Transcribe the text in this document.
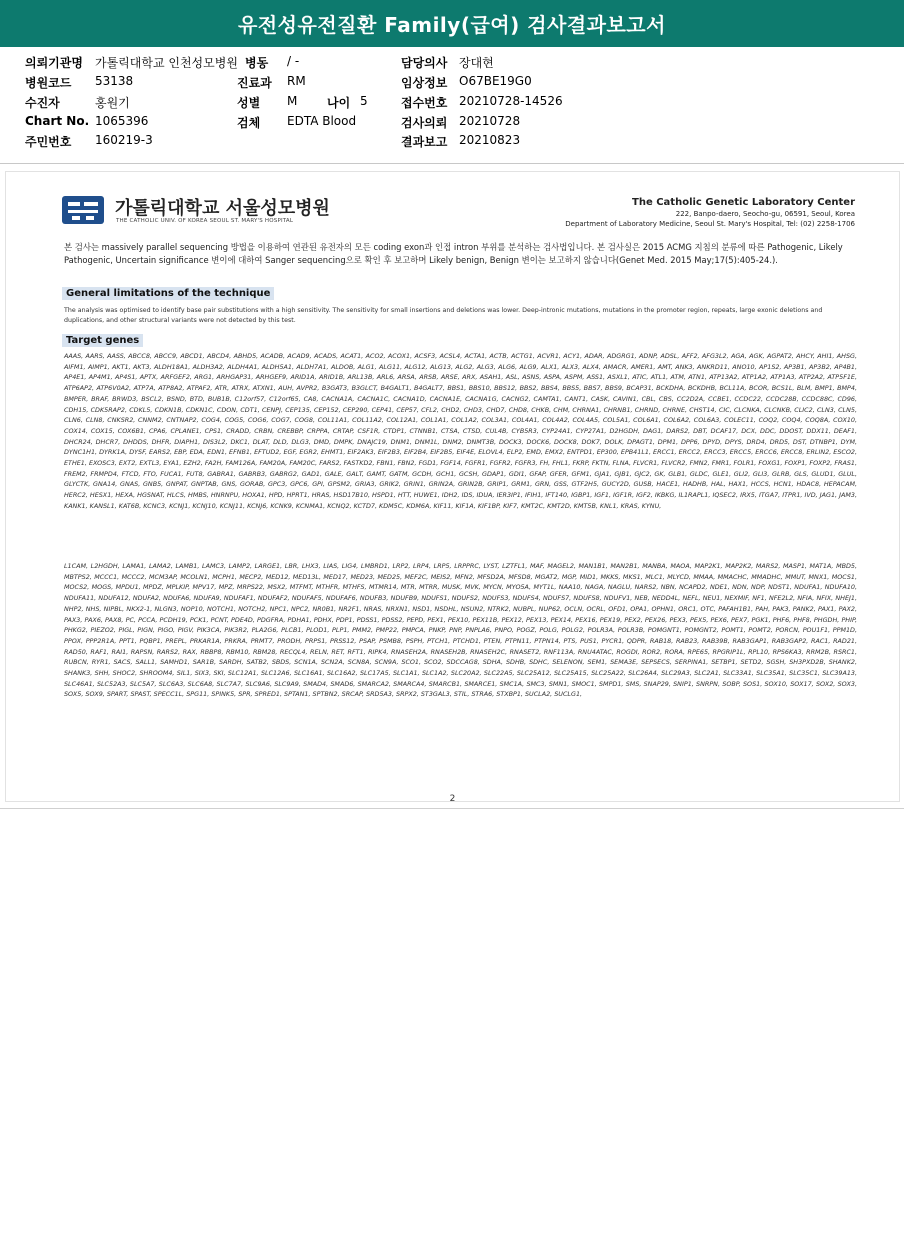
유전성유전질환 Family(급여) 검사결과보고서
의뢰기관명 가톨릭대학교 인천성모병원 병동 / -	담당의사 장대현
병원코드 53138	진료과 RM	임상정보 O67BE19G0
수진자	홍원기	성별 M 나이 5	접수번호 20210728-14526
Chart No. 1065396	검체 EDTA Blood	검사의뢰 20210728
주민번호 160219-3	결과보고 20210823
가톨릭대학교 서울성모병원
THE CATHOLIC UNIV. OF KOREA SEOUL ST. MARY'S HOSPITAL
The Catholic Genetic Laboratory Center
222, Banpo-daero, Seocho-gu, 06591, Seoul, Korea
Department of Laboratory Medicine, Seoul St. Mary's Hospital, Tel: (02) 2258-1706
본 검사는 massively parallel sequencing 방법을 이용하여 연관된 유전자의 모든 coding exon과 인접 intron 부위를 분석하는 검사법입니다. 본 검사실은 2015 ACMG 지침의 분류에 따른 Pathogenic, Likely Pathogenic, Uncertain significance 변이에 대하여 Sanger sequencing으로 확인 후 보고하며 Likely benign, Benign 변이는 보고하지 않습니다(Genet Med. 2015 May;17(5):405-24.).
General limitations of the technique
The analysis was optimised to identify base pair substitutions with a high sensitivity. The sensitivity for small insertions and deletions was lower. Deep-intronic mutations, mutations in the promoter region, repeats, large exonic deletions and duplications, and other structural variants were not detected by this test.
Target genes
AAAS, AARS, AASS, ABCC8, ABCC9, ABCD1, ABCD4, ABHD5, ACADB, ACAD9, ACADS, ACAT1, ACO2, ACOX1, ACSF3, ACSL4, ACTA1, ACTB, ACTG1, ACVR1, ACY1, ADAR, ADGRG1, ADNP, ADSL, AFF2, AFG3L2, AGA, AGK, AGPAT2, AHCY, AHI1, AHSG, AIFM1, AIMP1, AKT1, AKT3, ALDH18A1, ALDH3A2, ALDH4A1, ALDH5A1, ALDH7A1, ALDOB, ALG1, ALG11, ALG12, ALG13, ALG2, ALG3, ALG6, ALG9, ALX1, ALX3, ALX4, AMACR, AMER1, AMT, ANK3, ANKRD11, ANO10, AP1S2, AP3B1, AP3B2, AP4B1, AP4E1, AP4M1, AP4S1, APTX, ARFGEF2, ARG1, ARHGAP31, ARHGEF9, ARID1A, ARID1B, ARL13B, ARL6, ARSA, ARSB, ARSE, ARX, ASAH1, ASL, ASNS, ASPA, ASPM, ASS1, ASXL1, ATIC, ATL1, ATM, ATN1, ATP13A2, ATP1A2, ATP1A3, ATP2A2, ATP5F1E, ATP6AP2, ATP6V0A2, ATP7A, ATP8A2, ATPAF2, ATR, ATRX, ATXN1, AUH, AVPR2, B3GAT3, B3GLCT, B4GALT1, B4GALT7, BBS1, BBS10, BBS12, BBS2, BBS4, BBS5, BBS7, BBS9, BCAP31, BCKDHA, BCKDHB, BCL11A, BCOR, BCS1L, BLM, BMP1, BMP4, BMPER, BRAF, BRWD3, BSCL2, BSND, BTD, BUB1B, C12orf57, C12orf65, CA8, CACNA1A, CACNA1C, CACNA1D, CACNA1E, CACNA1G, CACNG2, CAMTA1, CANT1, CASK, CAVIN1, CBL, CBS, CC2D2A, CCBE1, CCDC22, CCDC28B, CCDC88C, CD96, CDH15, CDK5RAP2, CDKL5, CDKN1B, CDKN1C, CDON, CDT1, CENPJ, CEP135, CEP152, CEP290, CEP41, CEP57, CFL2, CHD2, CHD3, CHD7, CHD8, CHKB, CHM, CHRNA1, CHRNB1, CHRND, CHRNE, CHST14, CIC, CLCNKA, CLCNKB, CLIC2, CLN3, CLN5, CLN6, CLN8, CNKSR2, CNNM2, CNTNAP2, COG4, COG5, COG6, COG7, COG8, COL11A1, COL11A2, COL12A1, COL1A1, COL1A2, COL3A1, COL4A1, COL4A2, COL4A5, COL5A1, COL6A1, COL6A2, COL6A3, COLEC11, COQ2, COQ4, COQ8A, COX10, COX14, COX15, COX6B1, CPA6, CPLANE1, CPS1, CRADD, CRBN, CREBBP, CRPPA, CRTAP, CSF1R, CTDP1, CTNNB1, CTSA, CTSD, CUL4B, CYB5R3, CYP24A1, CYP27A1, D2HGDH, DAG1, DARS2, DBT, DCAF17, DCX, DDC, DDOST, DDX11, DEAF1, DHCR24, DHCR7, DHDDS, DHFR, DIAPH1, DIS3L2, DKC1, DLAT, DLD, DLG3, DMD, DMPK, DNAJC19, DNM1, DNM1L, DNM2, DNMT3B, DOCK3, DOCK6, DOCK8, DOK7, DOLK, DPAGT1, DPM1, DPP6, DPYD, DPYS, DRD4, DRD5, DST, DTNBP1, DYM, DYNC1H1, DYRK1A, DYSF, EARS2, EBP, EDA, EDN1, EFNB1, EFTUD2, EGF, EGR2, EHMT1, EIF2AK3, EIF2B3, EIF2B4, EIF2B5, EIF4E, ELOVL4, ELP2, EMD, EMX2, ENTPD1, EP300, EPB41L1, ERCC1, ERCC2, ERCC3, ERCC5, ERCC6, ERCC8, ERLIN2, ESCO2, ETHE1, EXOSC3, EXT2, EXTL3, EYA1, EZH2, FA2H, FAM126A, FAM20A, FAM20C, FARS2, FASTKD2, FBN1, FBN2, FGD1, FGF14, FGFR1, FGFR2, FGFR3, FH, FHL1, FKRP, FKTN, FLNA, FLVCR1, FLVCR2, FMN2, FMR1, FOLR1, FOXG1, FOXP1, FOXP2, FRAS1, FREM2, FRMPD4, FTCD, FTO, FUCA1, FUT8, GABRA1, GABRB3, GABRG2, GAD1, GALE, GALT, GAMT, GATM, GCDH, GCH1, GCSH, GDAP1, GDI1, GFAP, GFER, GFM1, GJA1, GJB1, GJC2, GK, GLB1, GLDC, GLE1, GLI2, GLI3, GLRB, GLS, GLUD1, GLUL, GLYCTK, GNA14, GNAS, GNB5, GNPAT, GNPTAB, GNS, GORAB, GPC3, GPC6, GPI, GPSM2, GRIA3, GRIK2, GRIN1, GRIN2A, GRIN2B, GRIP1, GRM1, GRN, GSS, GTF2H5, GUCY2D, GUSB, HACE1, HADHB, HAL, HAX1, HCCS, HCN1, HDAC8, HEPACAM, HERC2, HESX1, HEXA, HGSNAT, HLCS, HMBS, HNRNPU, HOXA1, HPD, HPRT1, HRAS, HSD17B10, HSPD1, HTT, HUWE1, IDH2, IDS, IDUA, IER3IP1, IFIH1, IFT140, IGBP1, IGF1, IGF1R, IGF2, IKBKG, IL1RAPL1, IQSEC2, IRX5, ITGA7, ITPR1, IVD, JAG1, JAM3, KANK1, KANSL1, KAT6B, KCNC3, KCNJ1, KCNJ10, KCNJ11, KCNJ6, KCNK9, KCNMA1, KCNQ2, KCTD7, KDM5C, KDM6A, KIF11, KIF1A, KIF1BP, KIF7, KMT2C, KMT2D, KMT5B, KNL1, KRAS, KYNU,
L1CAM, L2HGDH, LAMA1, LAMA2, LAMB1, LAMC3, LAMP2, LARGE1, LBR, LHX3, LIAS, LIG4, LMBRD1, LRP2, LRP4, LRP5, LRPPRC, LYST, LZTFL1, MAF, MAGEL2, MAN1B1, MAN2B1, MANBA, MAOA, MAP2K1, MAP2K2, MARS2, MASP1, MAT1A, MBD5, MBTPS2, MCCC1, MCCC2, MCM3AP, MCOLN1, MCPH1, MECP2, MED12, MED13L, MED17, MED23, MED25, MEF2C, MEIS2, MFN2, MFSD2A, MFSD8, MGAT2, MGP, MID1, MKKS, MKS1, MLC1, MLYCD, MMAA, MMACHC, MMADHC, MMUT, MNX1, MOCS1, MOCS2, MOGS, MPDU1, MPDZ, MPLKIP, MPV17, MPZ, MRPS22, MSX2, MTFMT, MTHFR, MTHFS, MTMR14, MTR, MTRR, MUSK, MVK, MYCN, MYO5A, MYT1L, NAA10, NAGA, NAGLU, NARS2, NBN, NCAPD2, NDE1, NDN, NDP, NDST1, NDUFA1, NDUFA10, NDUFA11, NDUFA12, NDUFA2, NDUFA6, NDUFA9, NDUFAF1, NDUFAF2, NDUFAF5, NDUFAF6, NDUFB3, NDUFB9, NDUFS1, NDUFS2, NDUFS3, NDUFS4, NDUFS7, NDUFS8, NDUFV1, NEB, NEDD4L, NEFL, NEU1, NEXMIF, NF1, NFE2L2, NFIA, NFIX, NHEJ1, NHP2, NHS, NIPBL, NKX2-1, NLGN3, NOP10, NOTCH1, NOTCH2, NPC1, NPC2, NR0B1, NR2F1, NRAS, NRXN1, NSD1, NSDHL, NSUN2, NTRK2, NUBPL, NUP62, OCLN, OCRL, OFD1, OPA1, OPHN1, ORC1, OTC, PAFAH1B1, PAH, PAK3, PANK2, PAX1, PAX2, PAX3, PAX6, PAX8, PC, PCCA, PCDH19, PCK1, PCNT, PDE4D, PDGFRA, PDHA1, PDHX, PDP1, PDSS1, PDSS2, PEPD, PEX1, PEX10, PEX11B, PEX12, PEX13, PEX14, PEX16, PEX19, PEX2, PEX26, PEX3, PEX5, PEX6, PEX7, PGK1, PHF6, PHF8, PHGDH, PHIP, PHKG2, PIEZO2, PIGL, PIGN, PIGO, PIGV, PIK3CA, PIK3R2, PLA2G6, PLCB1, PLOD1, PLP1, PMM2, PMP22, PMPCA, PNKP, PNP, PNPLA6, PNPO, POGZ, POLG, POLG2, POLR3A, POLR3B, POMGNT1, POMGNT2, POMT1, POMT2, PORCN, POU1F1, PPM1D, PPOX, PPP2R1A, PPT1, PQBP1, PREPL, PRKAR1A, PRKRA, PRMT7, PRODH, PRPS1, PRSS12, PSAP, PSMB8, PSPH, PTCH1, PTCHD1, PTEN, PTPN11, PTPN14, PTS, PUS1, PYCR1, QDPR, RAB18, RAB23, RAB39B, RAB3GAP1, RAB3GAP2, RAC1, RAD21, RAD50, RAF1, RAI1, RAPSN, RARS2, RAX, RBBP8, RBM10, RBM28, RECQL4, RELN, RET, RFT1, RIPK4, RNASEH2A, RNASEH2B, RNASEH2C, RNASET2, RNF113A, RNU4ATAC, ROGDI, ROR2, RORA, RPE65, RPGRIP1L, RPL10, RPS6KA3, RRM2B, RSRC1, RUBCN, RYR1, SACS, SALL1, SAMHD1, SAR1B, SARDH, SATB2, SBDS, SCN1A, SCN2A, SCN8A, SCN9A, SCO1, SCO2, SDCCAG8, SDHA, SDHB, SDHC, SELENON, SEM1, SEMA3E, SEPSECS, SERPINA1, SETBP1, SETD2, SGSH, SH3PXD2B, SHANK2, SHANK3, SHH, SHOC2, SHROOM4, SIL1, SIX3, SKI, SLC12A1, SLC12A6, SLC16A1, SLC16A2, SLC17A5, SLC1A1, SLC1A2, SLC20A2, SLC22A5, SLC25A12, SLC25A15, SLC25A22, SLC26A4, SLC29A3, SLC2A1, SLC33A1, SLC35A1, SLC35C1, SLC39A13, SLC46A1, SLC52A3, SLC5A7, SLC6A3, SLC6A8, SLC7A7, SLC9A6, SLC9A9, SMAD4, SMAD6, SMARCA2, SMARCA4, SMARCB1, SMARCE1, SMC1A, SMC3, SMN1, SMOC1, SMPD1, SMS, SNAP29, SNIP1, SNRPN, SOBP, SOS1, SOX10, SOX17, SOX2, SOX3, SOX5, SOX9, SPART, SPAST, SPECC1L, SPG11, SPINK5, SPR, SPRED1, SPTAN1, SPTBN2, SRCAP, SRD5A3, SRPX2, ST3GAL3, STIL, STRA6, STXBP1, SUCLA2, SUCLG1,
2
